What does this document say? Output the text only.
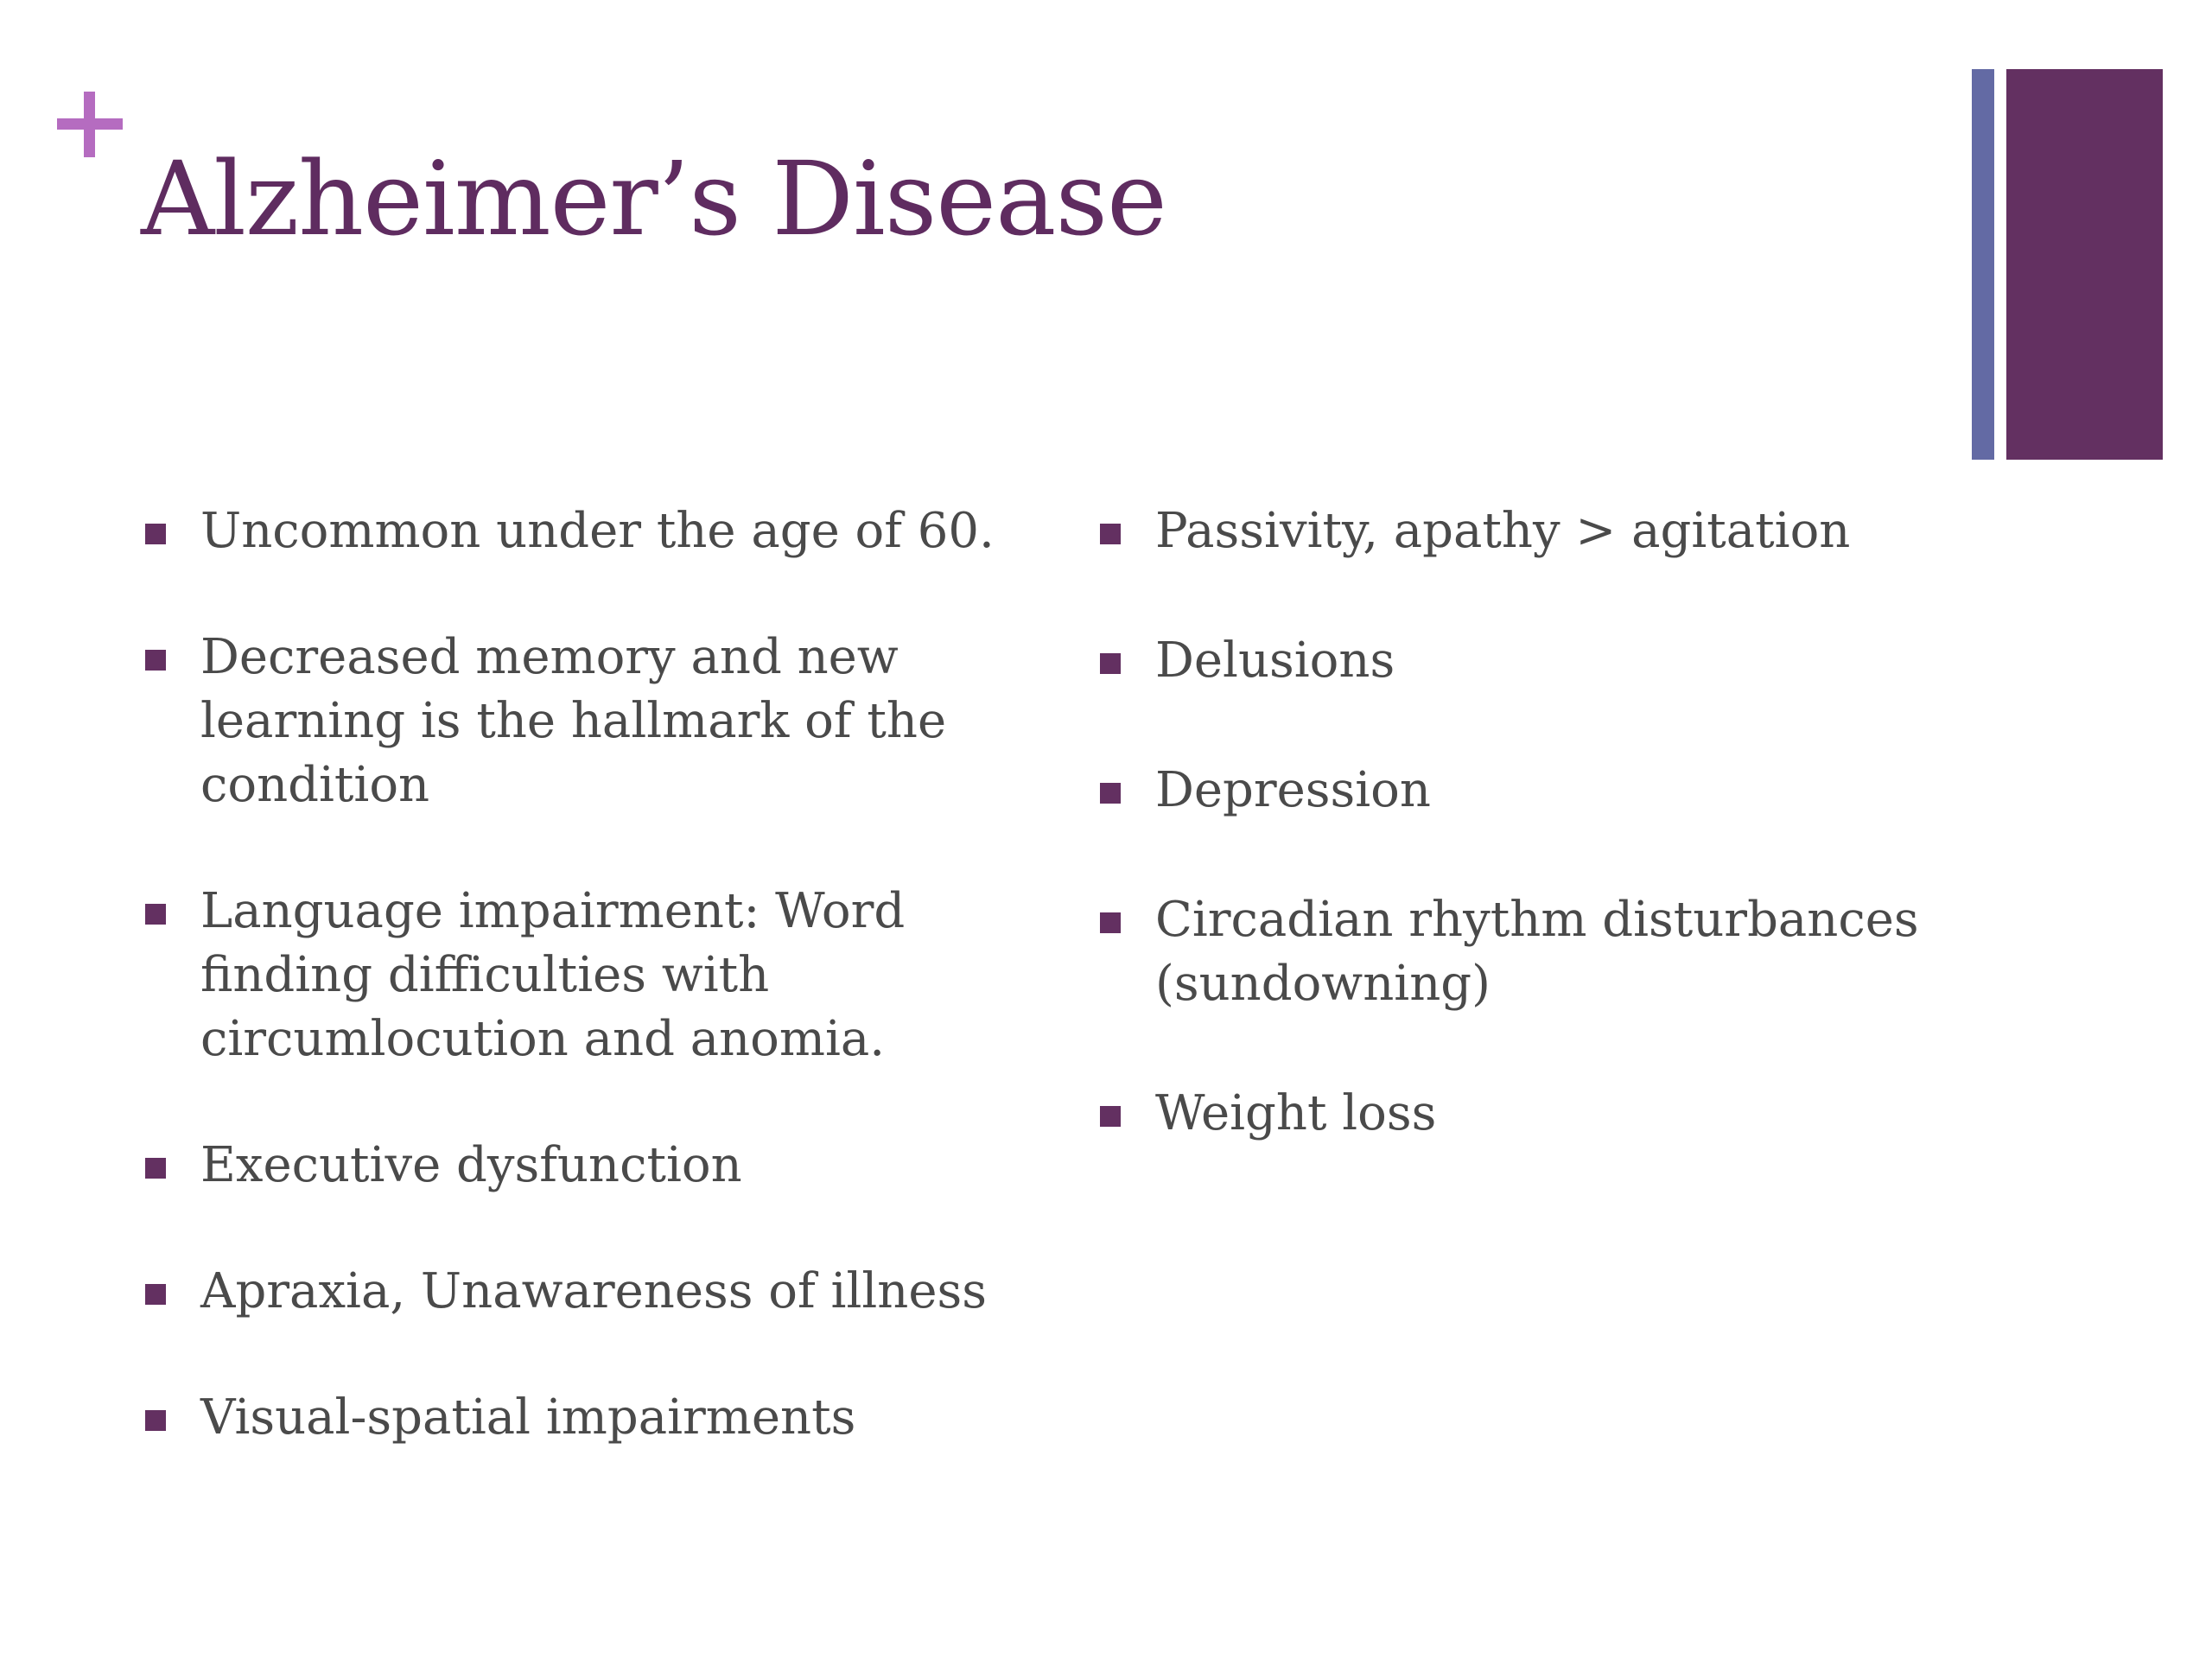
Alzheimer’s Disease
Uncommon under the age of 60.
Decreased memory and new learning is the hallmark of the condition
Language impairment: Word finding difficulties with circumlocution and anomia.
Executive dysfunction
Apraxia, Unawareness of illness
Visual-spatial impairments
Passivity, apathy > agitation
Delusions
Depression
Circadian rhythm disturbances (sundowning)
Weight loss
